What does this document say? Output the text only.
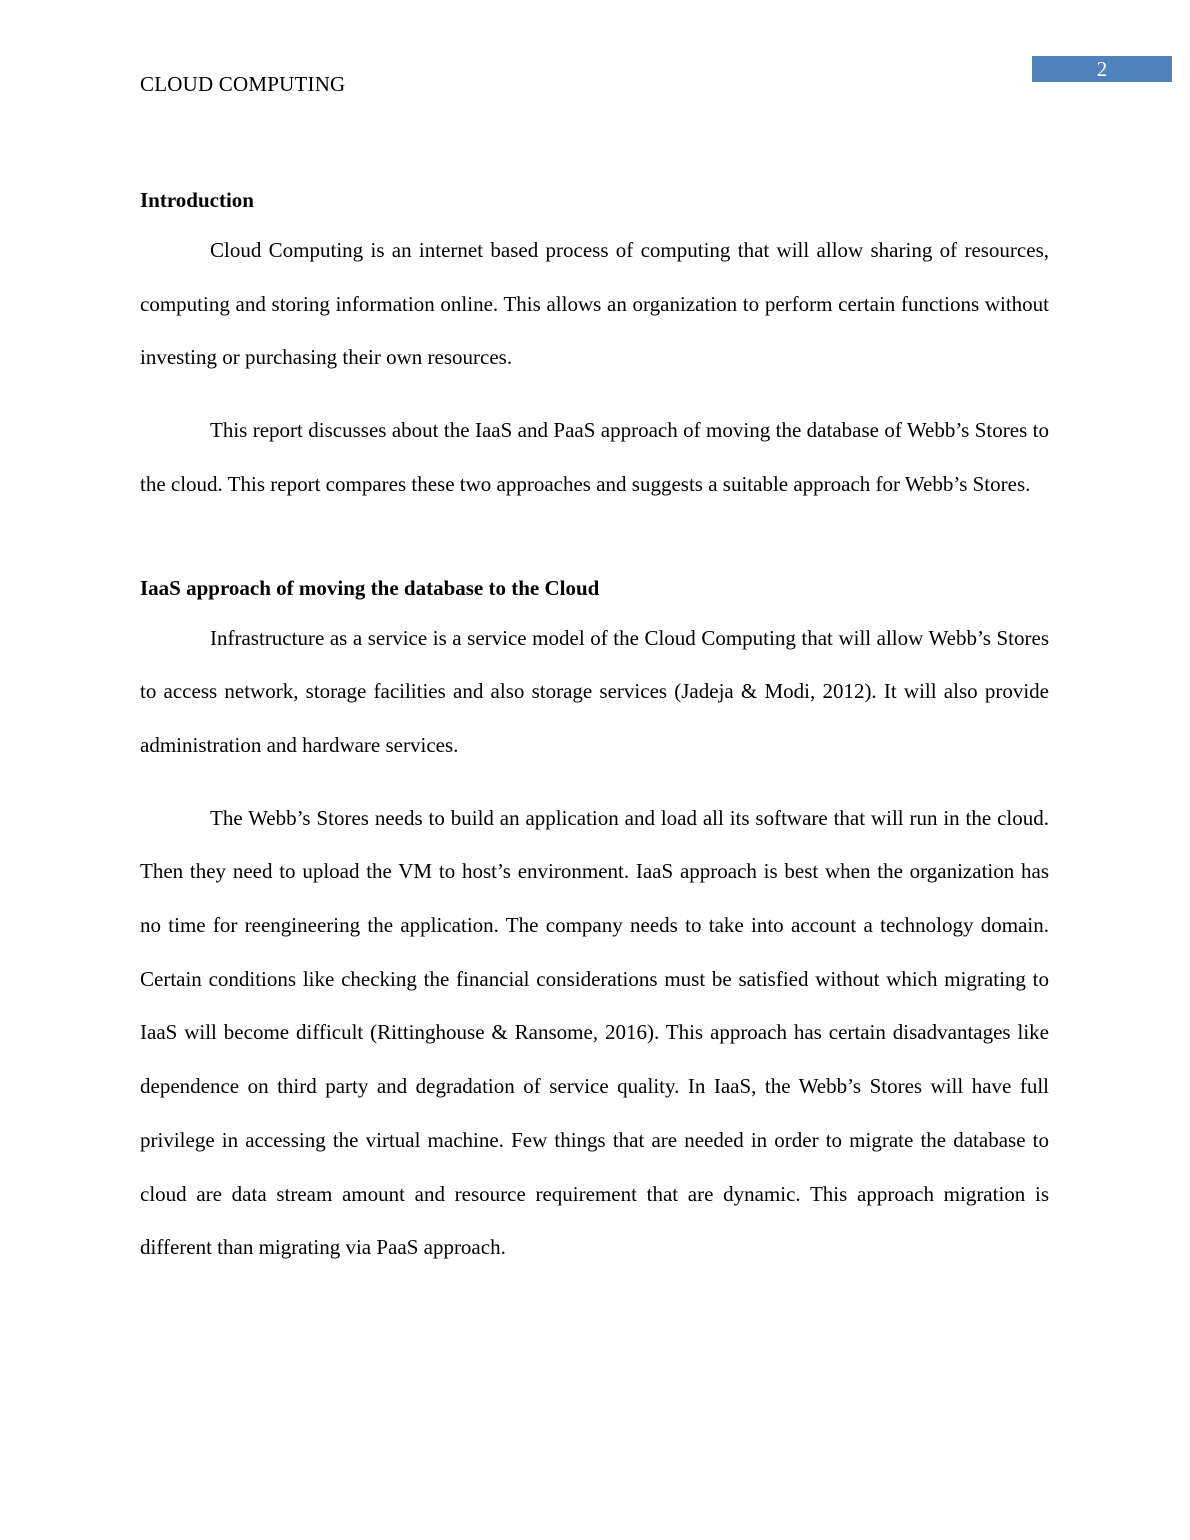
2
CLOUD COMPUTING
Introduction

Cloud Computing is an internet based process of computing that will allow sharing of resources, computing and storing information online. This allows an organization to perform certain functions without investing or purchasing their own resources.

This report discusses about the IaaS and PaaS approach of moving the database of Webb’s Stores to the cloud. This report compares these two approaches and suggests a suitable approach for Webb’s Stores.

IaaS approach of moving the database to the Cloud

Infrastructure as a service is a service model of the Cloud Computing that will allow Webb’s Stores to access network, storage facilities and also storage services (Jadeja & Modi, 2012). It will also provide administration and hardware services.

The Webb’s Stores needs to build an application and load all its software that will run in the cloud. Then they need to upload the VM to host’s environment. IaaS approach is best when the organization has no time for reengineering the application. The company needs to take into account a technology domain. Certain conditions like checking the financial considerations must be satisfied without which migrating to IaaS will become difficult (Rittinghouse & Ransome, 2016). This approach has certain disadvantages like dependence on third party and degradation of service quality. In IaaS, the Webb’s Stores will have full privilege in accessing the virtual machine. Few things that are needed in order to migrate the database to cloud are data stream amount and resource requirement that are dynamic. This approach migration is different than migrating via PaaS approach.
